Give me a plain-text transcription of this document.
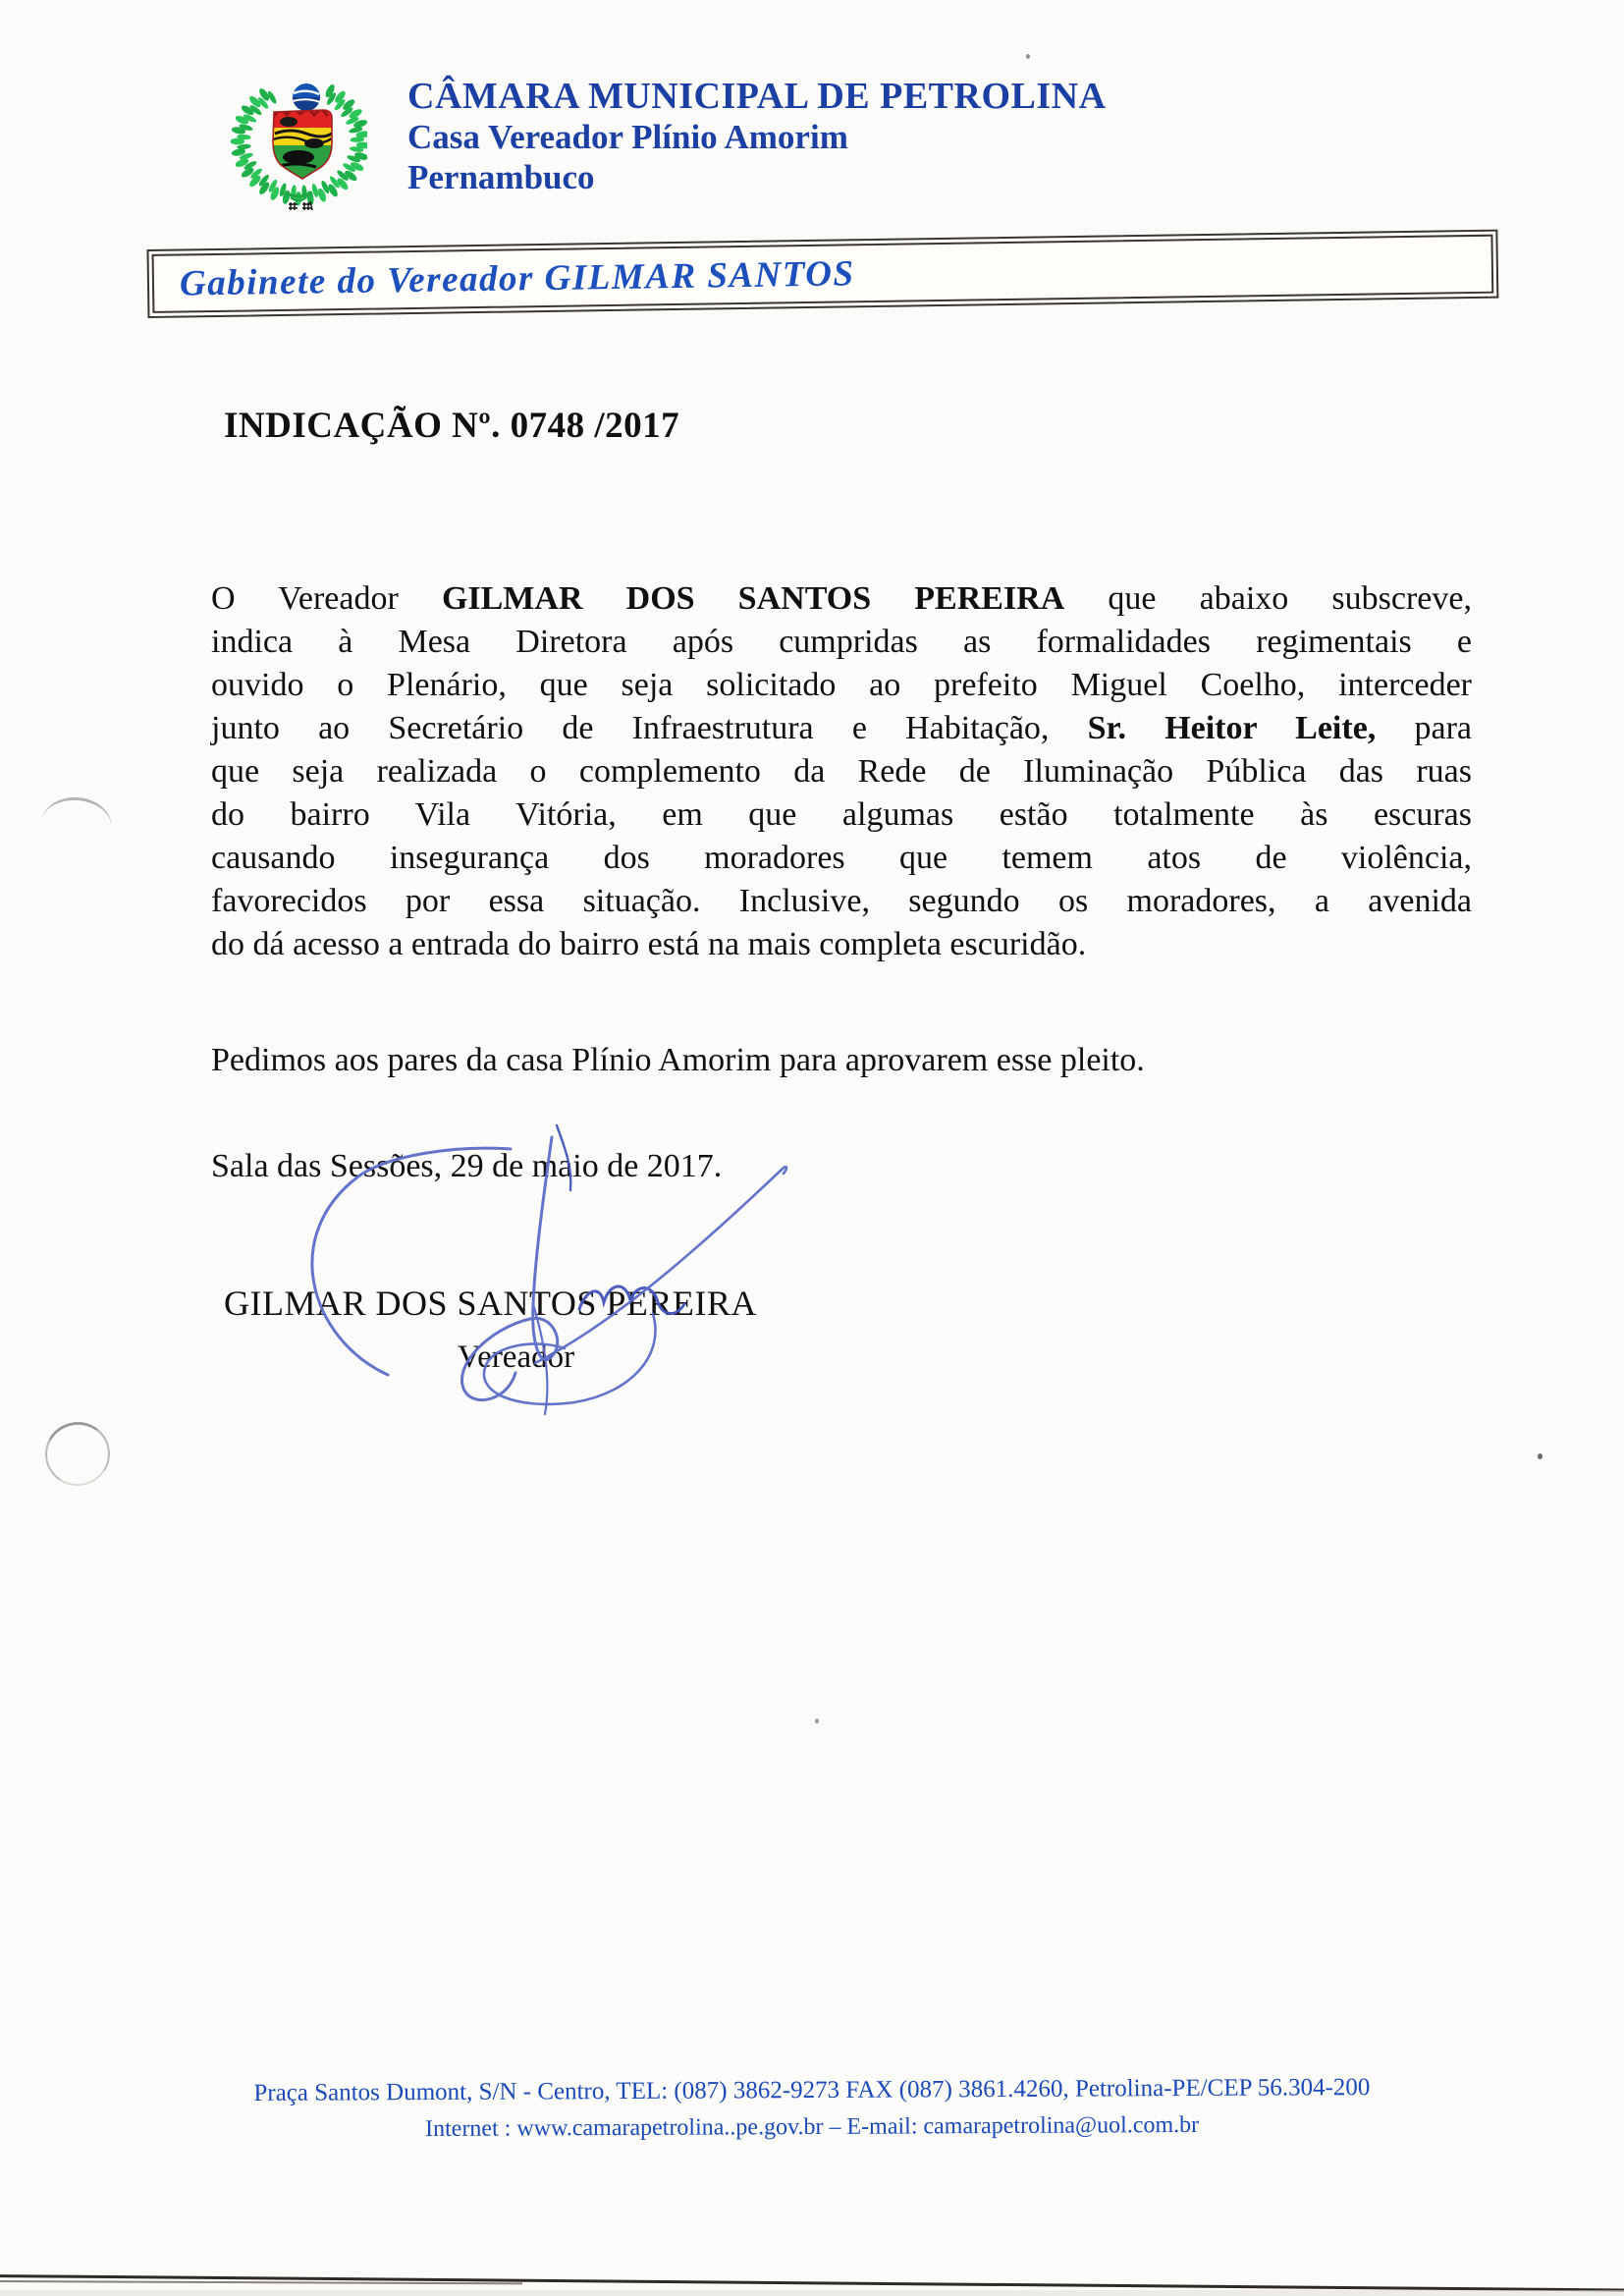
CÂMARA MUNICIPAL DE PETROLINA
Casa Vereador Plínio Amorim
Pernambuco
Gabinete do Vereador GILMAR SANTOS
INDICAÇÃO Nº. 0748 /2017
O Vereador GILMAR DOS SANTOS PEREIRA que abaixo subscreve,
indica à Mesa Diretora após cumpridas as formalidades regimentais e
ouvido o Plenário, que seja solicitado ao prefeito Miguel Coelho, interceder
junto ao Secretário de Infraestrutura e Habitação, Sr. Heitor Leite, para
que seja realizada o complemento da Rede de Iluminação Pública das ruas
do bairro Vila Vitória, em que algumas estão totalmente às escuras
causando insegurança dos moradores que temem atos de violência,
favorecidos por essa situação. Inclusive, segundo os moradores, a avenida
do dá acesso a entrada do bairro está na mais completa escuridão.
Pedimos aos pares da casa Plínio Amorim para aprovarem esse pleito.
Sala das Sessões, 29 de maio de 2017.
GILMAR DOS SANTOS PEREIRA
Vereador
Praça Santos Dumont, S/N - Centro, TEL: (087) 3862-9273 FAX (087) 3861.4260, Petrolina-PE/CEP 56.304-200
Internet : www.camarapetrolina..pe.gov.br – E-mail: camarapetrolina@uol.com.br
